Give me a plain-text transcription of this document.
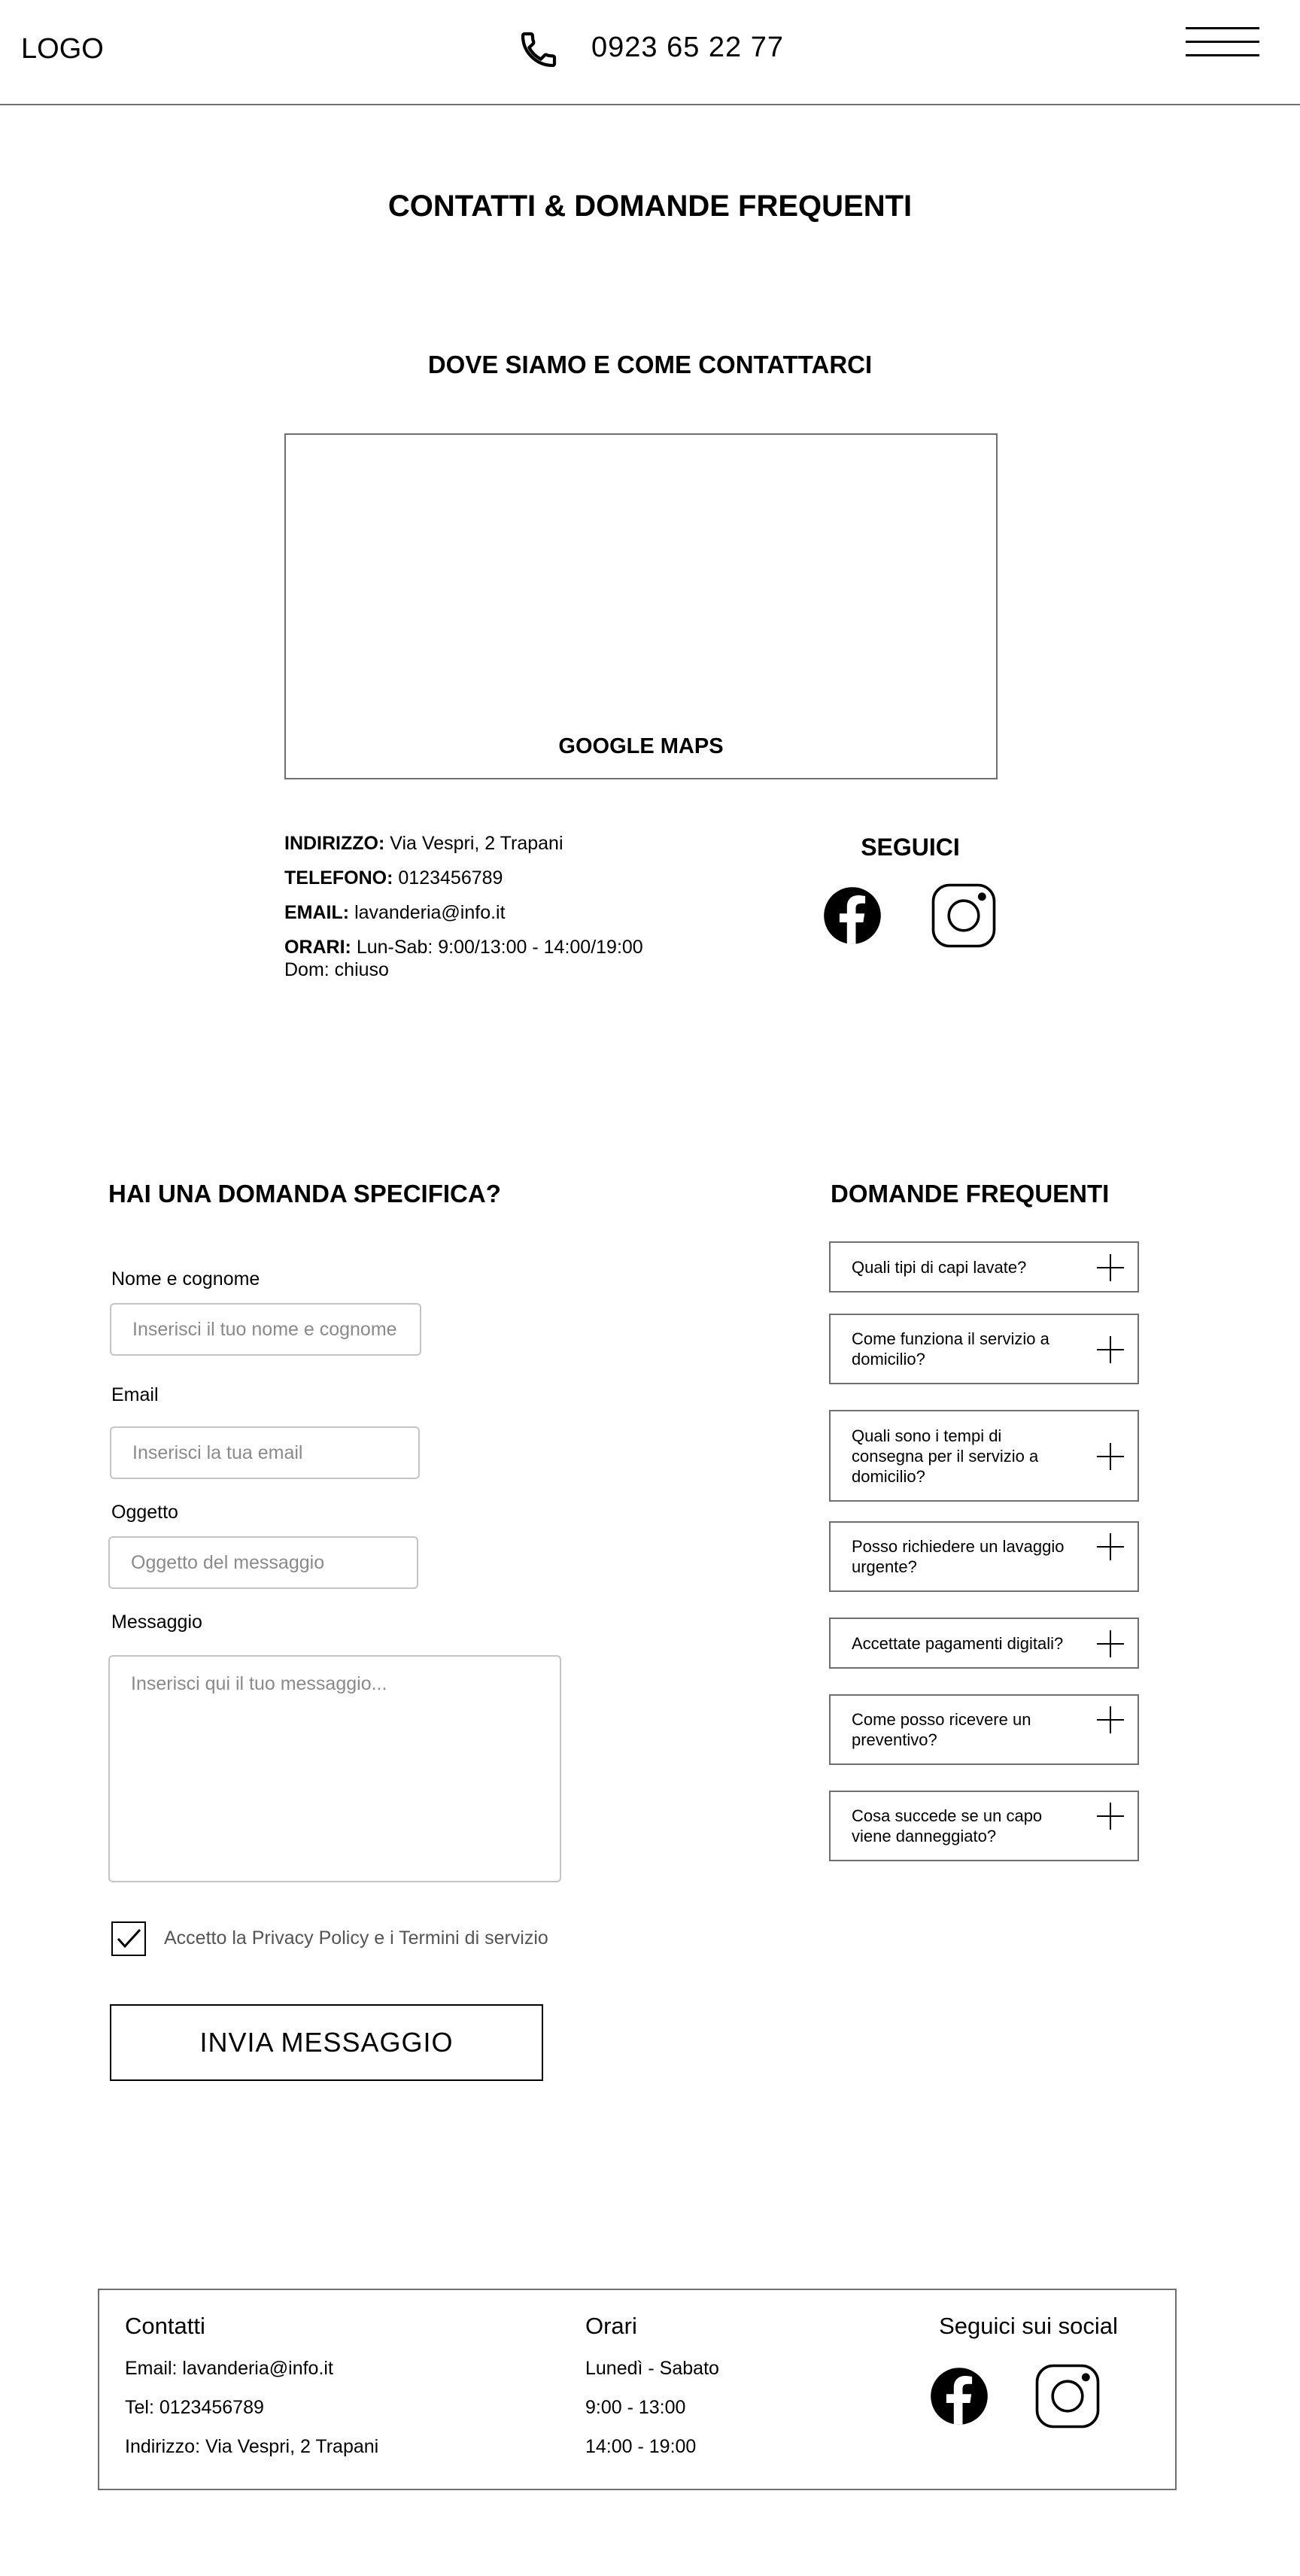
LOGO	0923 65 22 77
CONTATTI & DOMANDE FREQUENTI
DOVE SIAMO E COME CONTATTARCI
GOOGLE MAPS
INDIRIZZO: Via Vespri, 2 Trapani
TELEFONO: 0123456789
EMAIL: lavanderia@info.it
ORARI: Lun-Sab: 9:00/13:00 - 14:00/19:00
Dom: chiuso
SEGUICI
HAI UNA DOMANDA SPECIFICA?
Nome e cognome
Inserisci il tuo nome e cognome
Email
Inserisci la tua email
Oggetto
Oggetto del messaggio
Messaggio
Inserisci qui il tuo messaggio...
Accetto la Privacy Policy e i Termini di servizio
INVIA MESSAGGIO
DOMANDE FREQUENTI
Quali tipi di capi lavate?
Come funziona il servizio a domicilio?
Quali sono i tempi di consegna per il servizio a domicilio?
Posso richiedere un lavaggio urgente?
Accettate pagamenti digitali?
Come posso ricevere un preventivo?
Cosa succede se un capo viene danneggiato?
Contatti
Email: lavanderia@info.it
Tel: 0123456789
Indirizzo: Via Vespri, 2 Trapani
Orari
Lunedì - Sabato
9:00 - 13:00
14:00 - 19:00
Seguici sui social
